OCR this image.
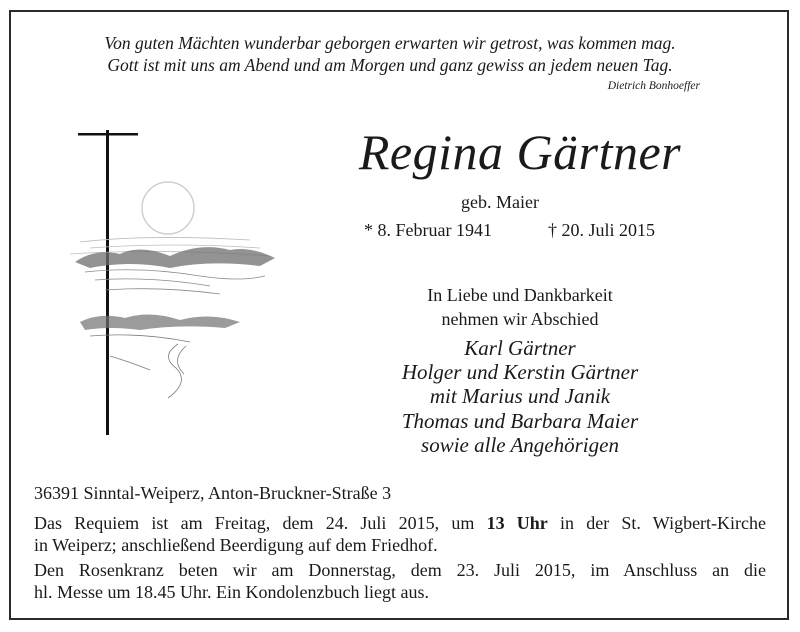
Von guten Mächten wunderbar geborgen erwarten wir getrost, was kommen mag.
Gott ist mit uns am Abend und am Morgen und ganz gewiss an jedem neuen Tag.
Dietrich Bonhoeffer
Regina Gärtner
geb. Maier
* 8. Februar 1941	† 20. Juli 2015
In Liebe und Dankbarkeit
nehmen wir Abschied
Karl Gärtner
Holger und Kerstin Gärtner
mit Marius und Janik
Thomas und Barbara Maier
sowie alle Angehörigen
36391 Sinntal-Weiperz, Anton-Bruckner-Straße 3
Das Requiem ist am Freitag, dem 24. Juli 2015, um 13 Uhr in der St. Wigbert-Kirche
in Weiperz; anschließend Beerdigung auf dem Friedhof.
Den Rosenkranz beten wir am Donnerstag, dem 23. Juli 2015, im Anschluss an die
hl. Messe um 18.45 Uhr. Ein Kondolenzbuch liegt aus.
